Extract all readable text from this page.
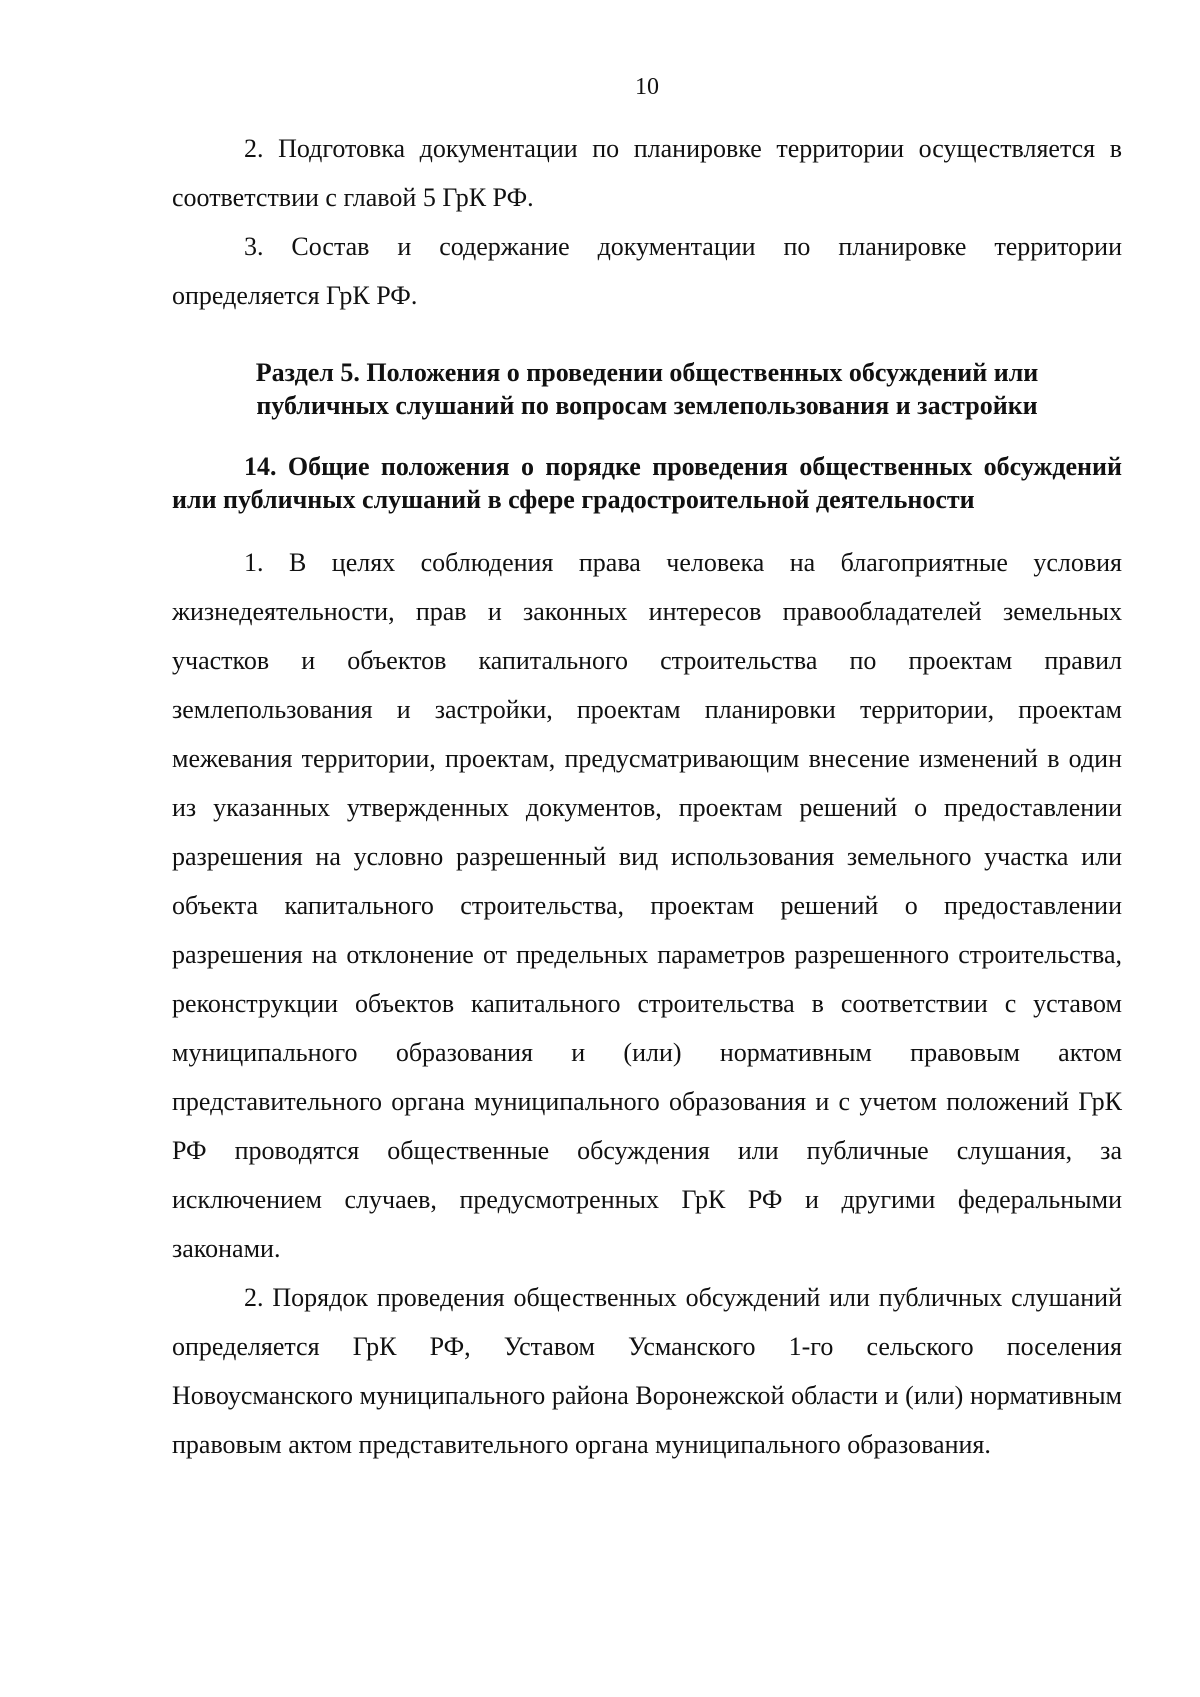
10

2. Подготовка документации по планировке территории осуществляется в соответствии с главой 5 ГрК РФ.

3. Состав и содержание документации по планировке территории определяется ГрК РФ.

Раздел 5. Положения о проведении общественных обсуждений или публичных слушаний по вопросам землепользования и застройки
14. Общие положения о порядке проведения общественных обсуждений или публичных слушаний в сфере градостроительной деятельности

1. В целях соблюдения права человека на благоприятные условия жизнедеятельности, прав и законных интересов правообладателей земельных участков и объектов капитального строительства по проектам правил землепользования и застройки, проектам планировки территории, проектам межевания территории, проектам, предусматривающим внесение изменений в один из указанных утвержденных документов, проектам решений о предоставлении разрешения на условно разрешенный вид использования земельного участка или объекта капитального строительства, проектам решений о предоставлении разрешения на отклонение от предельных параметров разрешенного строительства, реконструкции объектов капитального строительства в соответствии с уставом муниципального образования и (или) нормативным правовым актом представительного органа муниципального образования и с учетом положений ГрК РФ проводятся общественные обсуждения или публичные слушания, за исключением случаев, предусмотренных ГрК РФ и другими федеральными законами.

2. Порядок проведения общественных обсуждений или публичных слушаний определяется ГрК РФ, Уставом Усманского 1-го сельского поселения Новоусманского муниципального района Воронежской области и (или) нормативным правовым актом представительного органа муниципального образования.
